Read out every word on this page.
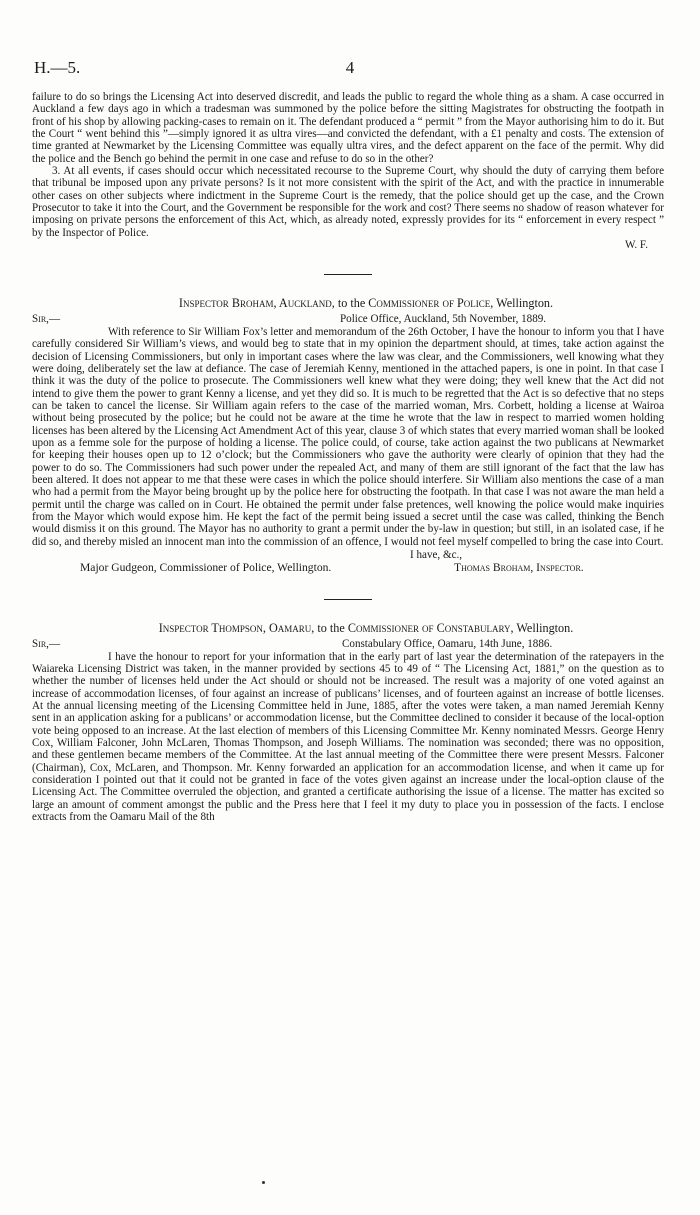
H.—5.	4

failure to do so brings the Licensing Act into deserved discredit, and leads the public to regard the whole thing as a sham. A case occurred in Auckland a few days ago in which a tradesman was summoned by the police before the sitting Magistrates for obstructing the footpath in front of his shop by allowing packing-cases to remain on it. The defendant produced a “ permit ” from the Mayor authorising him to do it. But the Court “ went behind this ”—simply ignored it as ultra vires—and convicted the defendant, with a £1 penalty and costs. The extension of time granted at Newmarket by the Licensing Committee was equally ultra vires, and the defect apparent on the face of the permit. Why did the police and the Bench go behind the permit in one case and refuse to do so in the other?

3. At all events, if cases should occur which necessitated recourse to the Supreme Court, why should the duty of carrying them before that tribunal be imposed upon any private persons? Is it not more consistent with the spirit of the Act, and with the practice in innumerable other cases on other subjects where indictment in the Supreme Court is the remedy, that the police should get up the case, and the Crown Prosecutor to take it into the Court, and the Government be responsible for the work and cost? There seems no shadow of reason whatever for imposing on private persons the enforcement of this Act, which, as already noted, expressly provides for its “ enforcement in every respect ” by the Inspector of Police.

W. F.

Inspector Broham, Auckland, to the Commissioner of Police, Wellington.

Sir,—	Police Office, Auckland, 5th November, 1889.

With reference to Sir William Fox’s letter and memorandum of the 26th October, I have the honour to inform you that I have carefully considered Sir William’s views, and would beg to state that in my opinion the department should, at times, take action against the decision of Licensing Commissioners, but only in important cases where the law was clear, and the Commissioners, well knowing what they were doing, deliberately set the law at defiance. The case of Jeremiah Kenny, mentioned in the attached papers, is one in point. In that case I think it was the duty of the police to prosecute. The Commissioners well knew what they were doing; they well knew that the Act did not intend to give them the power to grant Kenny a license, and yet they did so. It is much to be regretted that the Act is so defective that no steps can be taken to cancel the license. Sir William again refers to the case of the married woman, Mrs. Corbett, holding a license at Wairoa without being prosecuted by the police; but he could not be aware at the time he wrote that the law in respect to married women holding licenses has been altered by the Licensing Act Amendment Act of this year, clause 3 of which states that every married woman shall be looked upon as a femme sole for the purpose of holding a license. The police could, of course, take action against the two publicans at Newmarket for keeping their houses open up to 12 o’clock; but the Commissioners who gave the authority were clearly of opinion that they had the power to do so. The Commissioners had such power under the repealed Act, and many of them are still ignorant of the fact that the law has been altered. It does not appear to me that these were cases in which the police should interfere. Sir William also mentions the case of a man who had a permit from the Mayor being brought up by the police here for obstructing the footpath. In that case I was not aware the man held a permit until the charge was called on in Court. He obtained the permit under false pretences, well knowing the police would make inquiries from the Mayor which would expose him. He kept the fact of the permit being issued a secret until the case was called, thinking the Bench would dismiss it on this ground. The Mayor has no authority to grant a permit under the by-law in question; but still, in an isolated case, if he did so, and thereby misled an innocent man into the commission of an offence, I would not feel myself compelled to bring the case into Court.

I have, &c.,

Major Gudgeon, Commissioner of Police, Wellington.	Thomas Broham, Inspector.

Inspector Thompson, Oamaru, to the Commissioner of Constabulary, Wellington.

Sir,—	Constabulary Office, Oamaru, 14th June, 1886.

I have the honour to report for your information that in the early part of last year the determination of the ratepayers in the Waiareka Licensing District was taken, in the manner provided by sections 45 to 49 of “ The Licensing Act, 1881,” on the question as to whether the number of licenses held under the Act should or should not be increased. The result was a majority of one voted against an increase of accommodation licenses, of four against an increase of publicans’ licenses, and of fourteen against an increase of bottle licenses. At the annual licensing meeting of the Licensing Committee held in June, 1885, after the votes were taken, a man named Jeremiah Kenny sent in an application asking for a publicans’ or accommodation license, but the Committee declined to consider it because of the local-option vote being opposed to an increase. At the last election of members of this Licensing Committee Mr. Kenny nominated Messrs. George Henry Cox, William Falconer, John McLaren, Thomas Thompson, and Joseph Williams. The nomination was seconded; there was no opposition, and these gentlemen became members of the Committee. At the last annual meeting of the Committee there were present Messrs. Falconer (Chairman), Cox, McLaren, and Thompson. Mr. Kenny forwarded an application for an accommodation license, and when it came up for consideration I pointed out that it could not be granted in face of the votes given against an increase under the local-option clause of the Licensing Act. The Committee overruled the objection, and granted a certificate authorising the issue of a license. The matter has excited so large an amount of comment amongst the public and the Press here that I feel it my duty to place you in possession of the facts. I enclose extracts from the Oamaru Mail of the 8th
